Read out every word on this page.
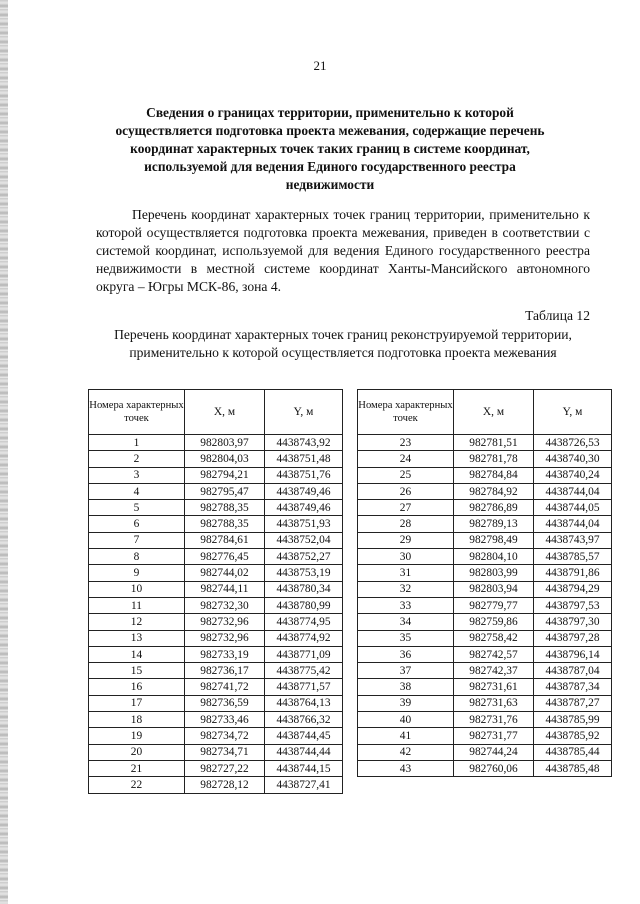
21

Сведения о границах территории, применительно к которой осуществляется подготовка проекта межевания, содержащие перечень координат характерных точек таких границ в системе координат, используемой для ведения Единого государственного реестра недвижимости

Перечень координат характерных точек границ территории, применительно к которой осуществляется подготовка проекта межевания, приведен в соответствии с системой координат, используемой для ведения Единого государственного реестра недвижимости в местной системе координат Ханты-Мансийского автономного округа – Югры МСК-86, зона 4.

Таблица 12

Перечень координат характерных точек границ реконструируемой территории, применительно к которой осуществляется подготовка проекта межевания

Номера характерных точек	X, м	Y, м
1	982803,97	4438743,92
2	982804,03	4438751,48
3	982794,21	4438751,76
4	982795,47	4438749,46
5	982788,35	4438749,46
6	982788,35	4438751,93
7	982784,61	4438752,04
8	982776,45	4438752,27
9	982744,02	4438753,19
10	982744,11	4438780,34
11	982732,30	4438780,99
12	982732,96	4438774,95
13	982732,96	4438774,92
14	982733,19	4438771,09
15	982736,17	4438775,42
16	982741,72	4438771,57
17	982736,59	4438764,13
18	982733,46	4438766,32
19	982734,72	4438744,45
20	982734,71	4438744,44
21	982727,22	4438744,15
22	982728,12	4438727,41
Номера характерных точек	X, м	Y, м
23	982781,51	4438726,53
24	982781,78	4438740,30
25	982784,84	4438740,24
26	982784,92	4438744,04
27	982786,89	4438744,05
28	982789,13	4438744,04
29	982798,49	4438743,97
30	982804,10	4438785,57
31	982803,99	4438791,86
32	982803,94	4438794,29
33	982779,77	4438797,53
34	982759,86	4438797,30
35	982758,42	4438797,28
36	982742,57	4438796,14
37	982742,37	4438787,04
38	982731,61	4438787,34
39	982731,63	4438787,27
40	982731,76	4438785,99
41	982731,77	4438785,92
42	982744,24	4438785,44
43	982760,06	4438785,48
